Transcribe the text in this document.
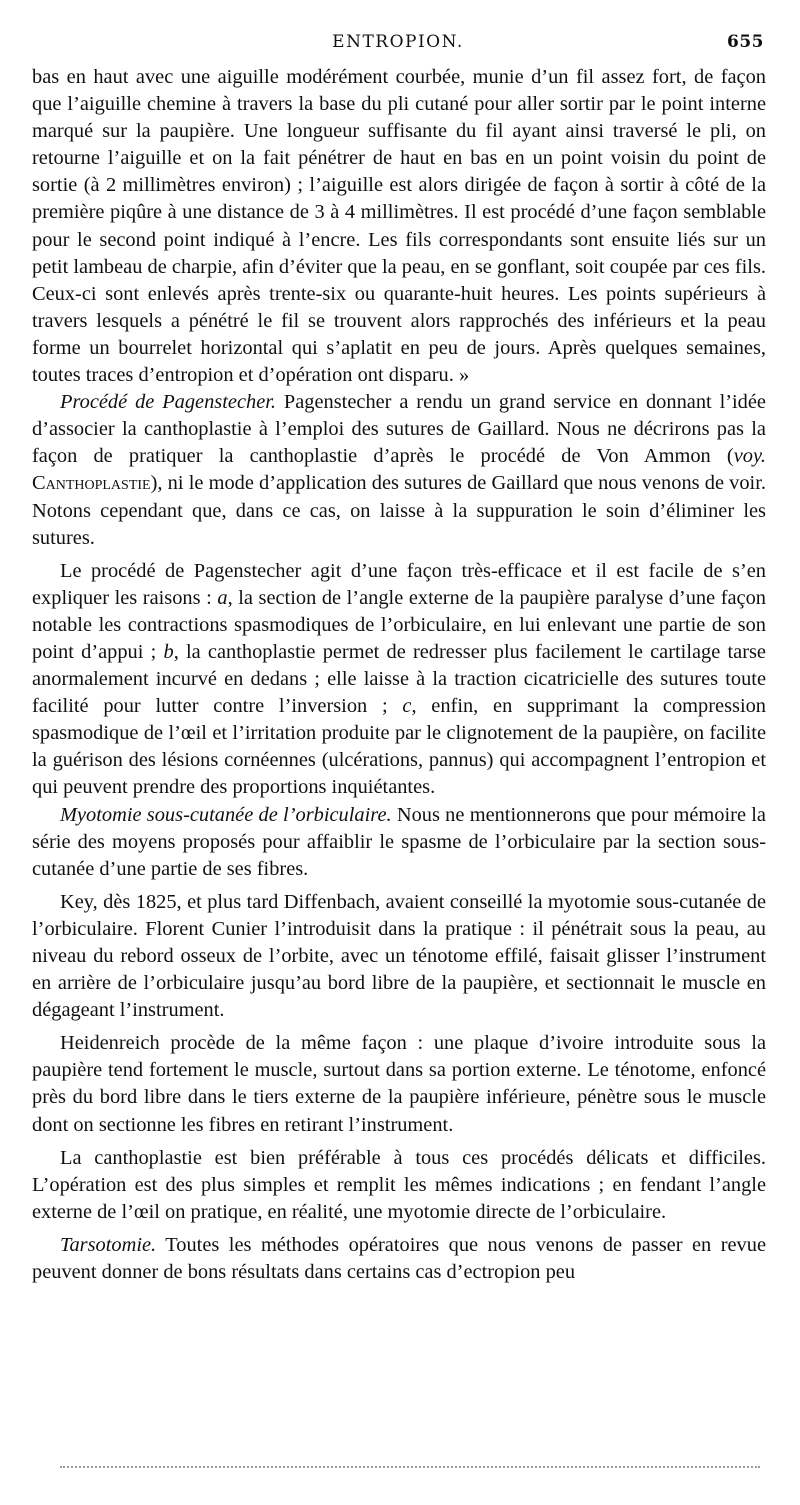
ENTROPION.	655

bas en haut avec une aiguille modérément courbée, munie d’un fil assez fort, de façon que l’aiguille chemine à travers la base du pli cutané pour aller sortir par le point interne marqué sur la paupière. Une longueur suffisante du fil ayant ainsi traversé le pli, on retourne l’aiguille et on la fait pénétrer de haut en bas en un point voisin du point de sortie (à 2 millimètres environ) ; l’aiguille est alors dirigée de façon à sortir à côté de la première piqûre à une distance de 3 à 4 millimètres. Il est procédé d’une façon semblable pour le second point indiqué à l’encre. Les fils correspondants sont ensuite liés sur un petit lambeau de charpie, afin d’éviter que la peau, en se gonflant, soit coupée par ces fils. Ceux-ci sont enlevés après trente-six ou quarante-huit heures. Les points supérieurs à travers lesquels a pénétré le fil se trouvent alors rapprochés des inférieurs et la peau forme un bourrelet horizontal qui s’aplatit en peu de jours. Après quelques semaines, toutes traces d’entropion et d’opération ont disparu. »

Procédé de Pagenstecher. Pagenstecher a rendu un grand service en donnant l’idée d’associer la canthoplastie à l’emploi des sutures de Gaillard. Nous ne décrirons pas la façon de pratiquer la canthoplastie d’après le procédé de Von Ammon (voy. Canthoplastie), ni le mode d’application des sutures de Gaillard que nous venons de voir. Notons cependant que, dans ce cas, on laisse à la suppuration le soin d’éliminer les sutures.

Le procédé de Pagenstecher agit d’une façon très-efficace et il est facile de s’en expliquer les raisons : a, la section de l’angle externe de la paupière paralyse d’une façon notable les contractions spasmodiques de l’orbiculaire, en lui enlevant une partie de son point d’appui ; b, la canthoplastie permet de redresser plus facilement le cartilage tarse anormalement incurvé en dedans ; elle laisse à la traction cicatricielle des sutures toute facilité pour lutter contre l’inversion ; c, enfin, en supprimant la compression spasmodique de l’œil et l’irritation produite par le clignotement de la paupière, on facilite la guérison des lésions cornéennes (ulcérations, pannus) qui accompagnent l’entropion et qui peuvent prendre des proportions inquiétantes.

Myotomie sous-cutanée de l’orbiculaire. Nous ne mentionnerons que pour mémoire la série des moyens proposés pour affaiblir le spasme de l’orbiculaire par la section sous-cutanée d’une partie de ses fibres.

Key, dès 1825, et plus tard Diffenbach, avaient conseillé la myotomie sous-cutanée de l’orbiculaire. Florent Cunier l’introduisit dans la pratique : il pénétrait sous la peau, au niveau du rebord osseux de l’orbite, avec un ténotome effilé, faisait glisser l’instrument en arrière de l’orbiculaire jusqu’au bord libre de la paupière, et sectionnait le muscle en dégageant l’instrument.

Heidenreich procède de la même façon : une plaque d’ivoire introduite sous la paupière tend fortement le muscle, surtout dans sa portion externe. Le ténotome, enfoncé près du bord libre dans le tiers externe de la paupière inférieure, pénètre sous le muscle dont on sectionne les fibres en retirant l’instrument.

La canthoplastie est bien préférable à tous ces procédés délicats et difficiles. L’opération est des plus simples et remplit les mêmes indications ; en fendant l’angle externe de l’œil on pratique, en réalité, une myotomie directe de l’orbiculaire.

Tarsotomie. Toutes les méthodes opératoires que nous venons de passer en revue peuvent donner de bons résultats dans certains cas d’ectropion peu
